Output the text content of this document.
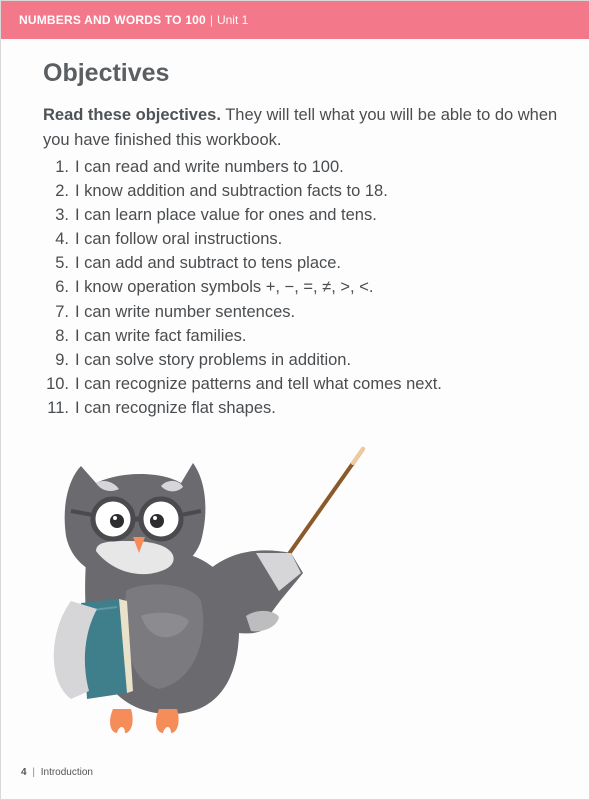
NUMBERS AND WORDS TO 100 | Unit 1
Objectives

Read these objectives. They will tell what you will be able to do when you have finished this workbook.

1. I can read and write numbers to 100.
2. I know addition and subtraction facts to 18.
3. I can learn place value for ones and tens.
4. I can follow oral instructions.
5. I can add and subtract to tens place.
6. I know operation symbols +, −, =, ≠, >, <.
7. I can write number sentences.
8. I can write fact families.
9. I can solve story problems in addition.
10. I can recognize patterns and tell what comes next.
11. I can recognize flat shapes.
4 | Introduction
